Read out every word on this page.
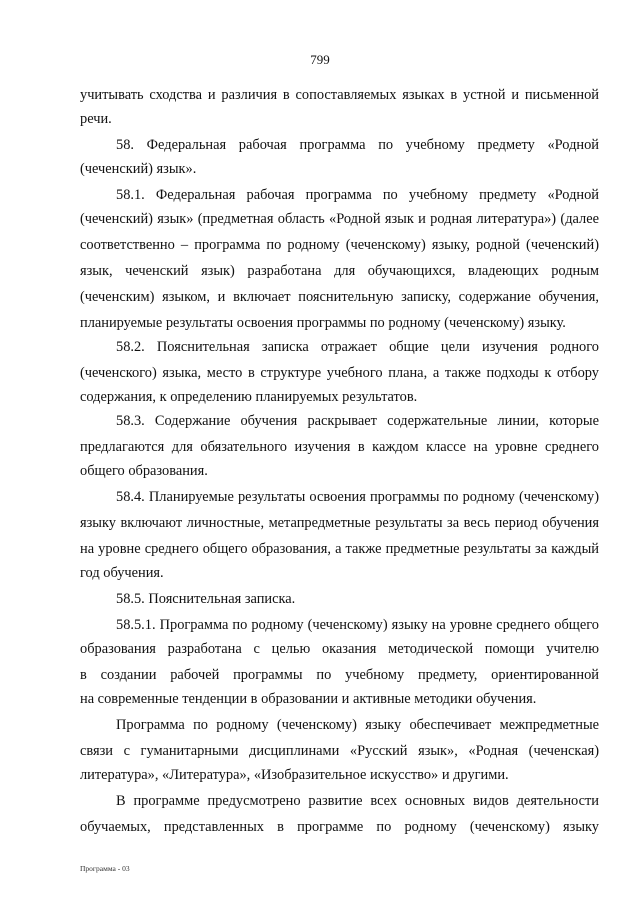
799
учитывать сходства и различия в сопоставляемых языках в устной и письменной
речи.
58. Федеральная рабочая программа по учебному предмету «Родной
(чеченский) язык».
58.1. Федеральная рабочая программа по учебному предмету «Родной
(чеченский) язык» (предметная область «Родной язык и родная литература») (далее
соответственно – программа по родному (чеченскому) языку, родной (чеченский)
язык, чеченский язык) разработана для обучающихся, владеющих родным
(чеченским) языком, и включает пояснительную записку, содержание обучения,
планируемые результаты освоения программы по родному (чеченскому) языку.
58.2. Пояснительная записка отражает общие цели изучения родного
(чеченского) языка, место в структуре учебного плана, а также подходы к отбору
содержания, к определению планируемых результатов.
58.3. Содержание обучения раскрывает содержательные линии, которые
предлагаются для обязательного изучения в каждом классе на уровне среднего
общего образования.
58.4. Планируемые результаты освоения программы по родному (чеченскому)
языку включают личностные, метапредметные результаты за весь период обучения
на уровне среднего общего образования, а также предметные результаты за каждый
год обучения.
58.5. Пояснительная записка.
58.5.1. Программа по родному (чеченскому) языку на уровне среднего общего
образования разработана с целью оказания методической помощи учителю
в создании рабочей программы по учебному предмету, ориентированной
на современные тенденции в образовании и активные методики обучения.
Программа по родному (чеченскому) языку обеспечивает межпредметные
связи с гуманитарными дисциплинами «Русский язык», «Родная (чеченская)
литература», «Литература», «Изобразительное искусство» и другими.
В программе предусмотрено развитие всех основных видов деятельности
обучаемых, представленных в программе по родному (чеченскому) языку
Программа - 03
